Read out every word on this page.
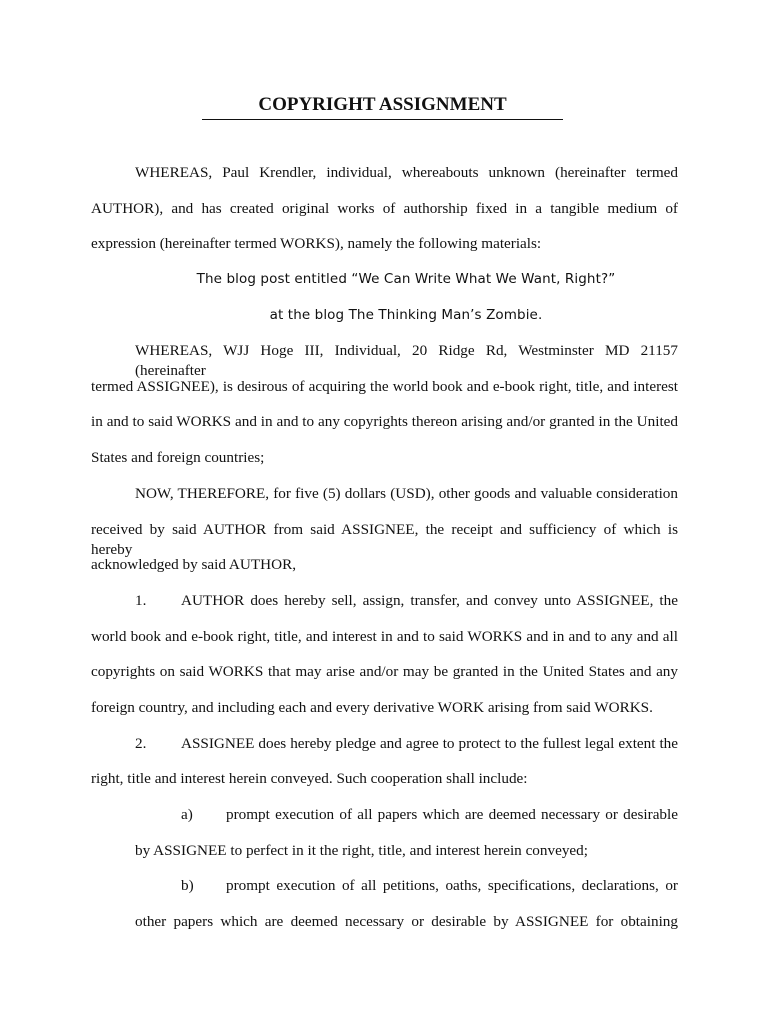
COPYRIGHT ASSIGNMENT
WHEREAS, Paul Krendler, individual, whereabouts unknown (hereinafter termed
AUTHOR), and has created original works of authorship fixed in a tangible medium of
expression (hereinafter termed WORKS), namely the following materials:
The blog post entitled “We Can Write What We Want, Right?”
at the blog The Thinking Man’s Zombie.
WHEREAS, WJJ Hoge III, Individual, 20 Ridge Rd, Westminster MD 21157 (hereinafter
termed ASSIGNEE), is desirous of acquiring the world book and e-book right, title, and interest
in and to said WORKS and in and to any copyrights thereon arising and/or granted in the United
States and foreign countries;
NOW, THEREFORE, for five (5) dollars (USD), other goods and valuable consideration
received by said AUTHOR from said ASSIGNEE, the receipt and sufficiency of which is hereby
acknowledged by said AUTHOR,
1. AUTHOR does hereby sell, assign, transfer, and convey unto ASSIGNEE, the
world book and e-book right, title, and interest in and to said WORKS and in and to any and all
copyrights on said WORKS that may arise and/or may be granted in the United States and any
foreign country, and including each and every derivative WORK arising from said WORKS.
2. ASSIGNEE does hereby pledge and agree to protect to the fullest legal extent the
right, title and interest herein conveyed. Such cooperation shall include:
a) prompt execution of all papers which are deemed necessary or desirable
by ASSIGNEE to perfect in it the right, title, and interest herein conveyed;
b) prompt execution of all petitions, oaths, specifications, declarations, or
other papers which are deemed necessary or desirable by ASSIGNEE for obtaining
